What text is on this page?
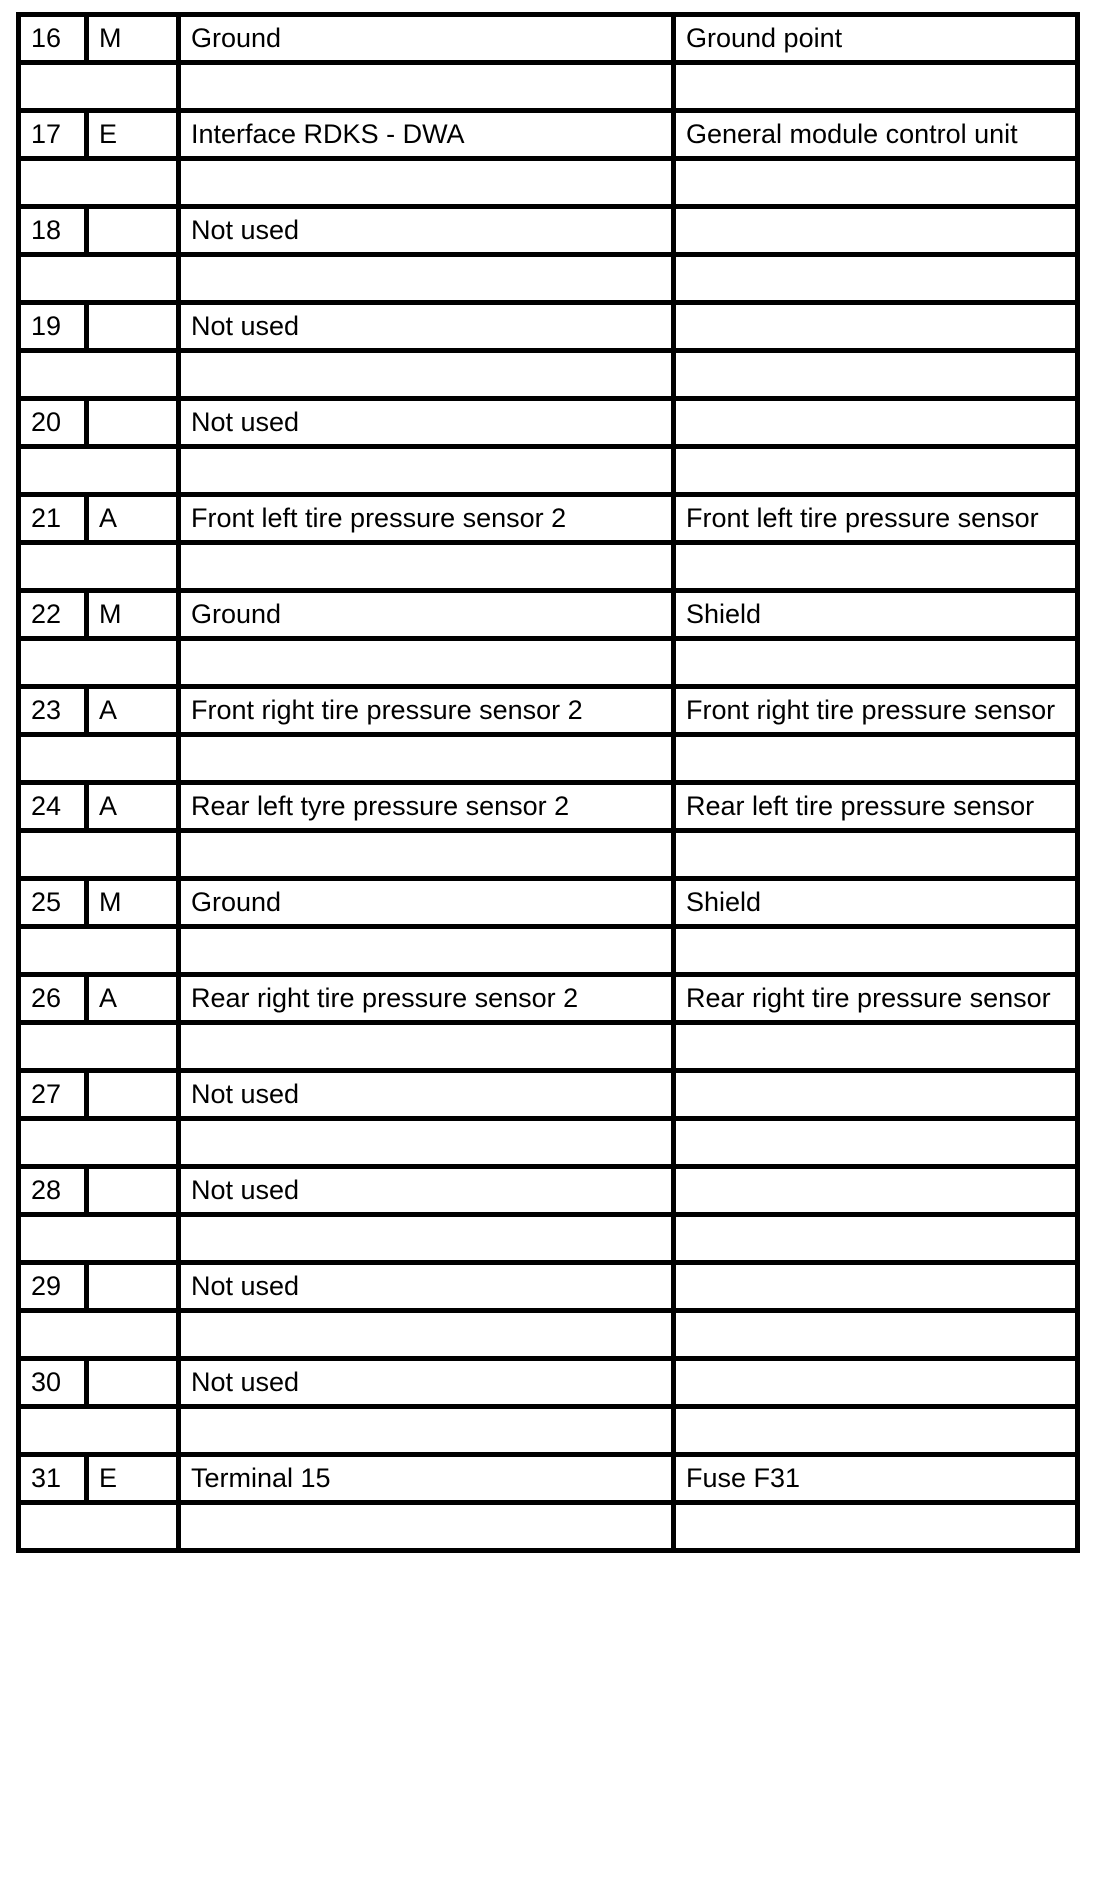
16	M	Ground	Ground point

17	E	Interface RDKS - DWA	General module control unit

18		Not used	

19		Not used	

20		Not used	

21	A	Front left tire pressure sensor 2	Front left tire pressure sensor

22	M	Ground	Shield

23	A	Front right tire pressure sensor 2	Front right tire pressure sensor

24	A	Rear left tyre pressure sensor 2	Rear left tire pressure sensor

25	M	Ground	Shield

26	A	Rear right tire pressure sensor 2	Rear right tire pressure sensor

27		Not used	

28		Not used	

29		Not used	

30		Not used	

31	E	Terminal 15	Fuse F31
